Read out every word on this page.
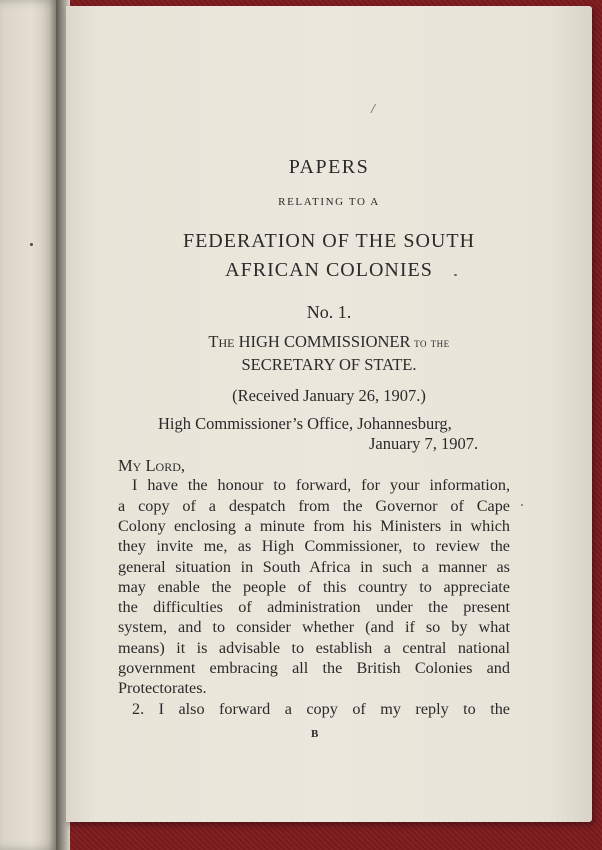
/
PAPERS
RELATING TO A
FEDERATION OF THE SOUTH
AFRICAN COLONIES
No. 1.
The HIGH COMMISSIONER to the
SECRETARY OF STATE.
(Received January 26, 1907.)
High Commissioner’s Office, Johannesburg,
January 7, 1907.
My Lord,
I have the honour to forward, for your information,
a copy of a despatch from the Governor of Cape
Colony enclosing a minute from his Ministers in which
they invite me, as High Commissioner, to review the
general situation in South Africa in such a manner as
may enable the people of this country to appreciate
the difficulties of administration under the present
system, and to consider whether (and if so by what
means) it is advisable to establish a central national
government embracing all the British Colonies and
Protectorates.
2. I also forward a copy of my reply to the
B
